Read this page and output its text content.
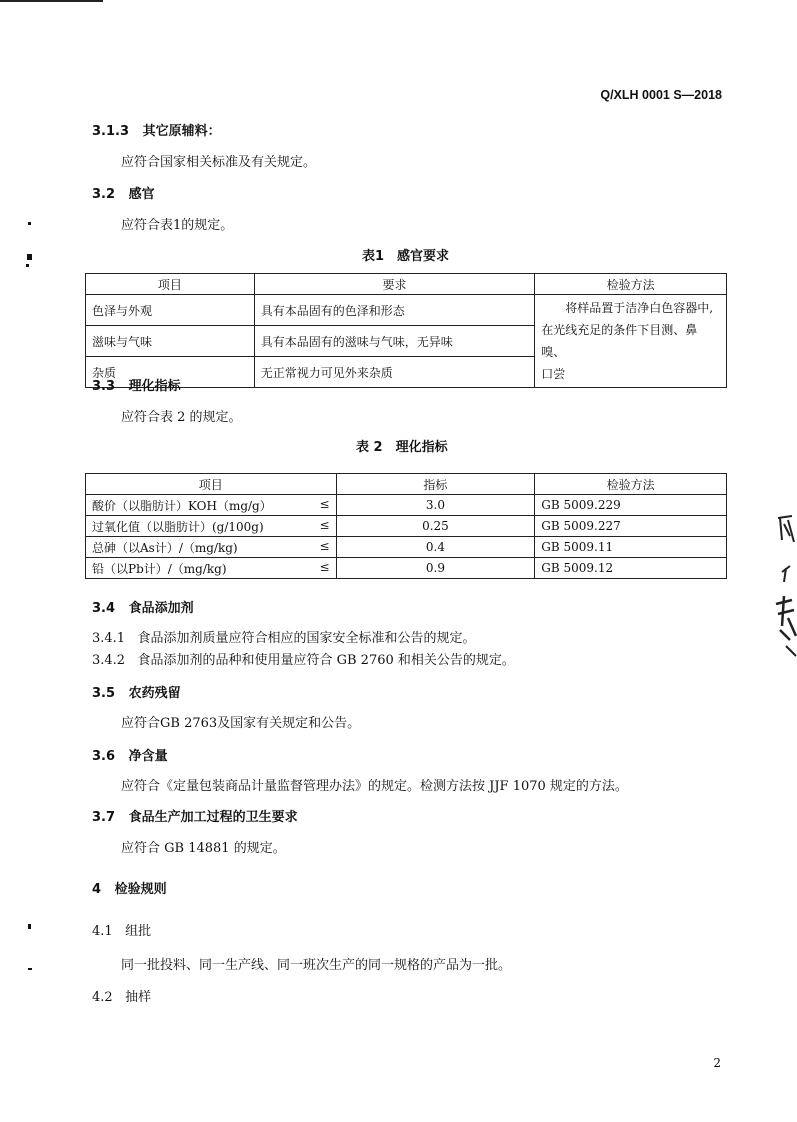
Q/XLH 0001 S—2018
3.1.3 其它原辅料：
应符合国家相关标准及有关规定。
3.2 感官
应符合表1的规定。
表1　感官要求
项目	要求	检验方法
色泽与外观	具有本品固有的色泽和形态	将样品置于洁净白色容器中,
在光线充足的条件下目测、鼻嗅、
口尝

滋味与气味	具有本品固有的滋味与气味，无异味	
杂质	无正常视力可见外来杂质	
3.3 理化指标
应符合表 2 的规定。
表 2　理化指标
项目	指标	检验方法
酸价（以脂肪计）KOH（mg/g） ≤	3.0	GB 5009.229
过氧化值（以脂肪计）(g/100g) ≤	0.25	GB 5009.227
总砷（以As计）/（mg/kg) ≤	0.4	GB 5009.11
铅（以Pb计）/（mg/kg) ≤	0.9	GB 5009.12
3.4 食品添加剂
3.4.1 食品添加剂质量应符合相应的国家安全标准和公告的规定。
3.4.2 食品添加剂的品种和使用量应符合 GB 2760 和相关公告的规定。
3.5 农药残留
应符合GB 2763及国家有关规定和公告。
3.6 净含量
应符合《定量包装商品计量监督管理办法》的规定。检测方法按 JJF 1070 规定的方法。
3.7 食品生产加工过程的卫生要求
应符合 GB 14881 的规定。
4 检验规则
4.1 组批
同一批投料、同一生产线、同一班次生产的同一规格的产品为一批。
4.2 抽样
2
